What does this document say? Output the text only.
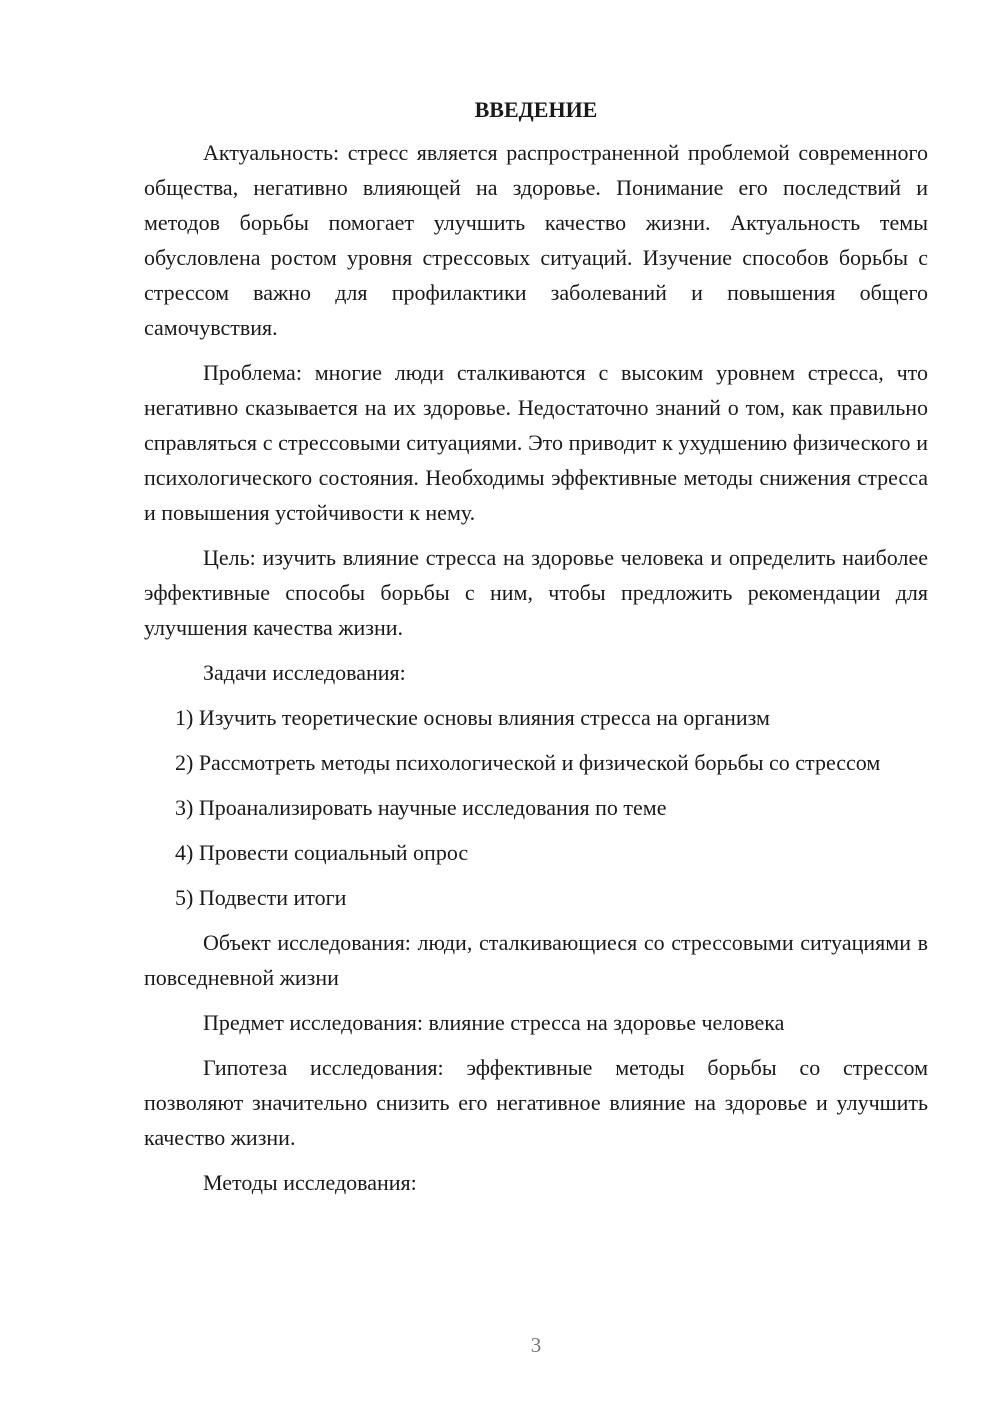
ВВЕДЕНИЕ

Актуальность: стресс является распространенной проблемой современного общества, негативно влияющей на здоровье. Понимание его последствий и методов борьбы помогает улучшить качество жизни. Актуальность темы обусловлена ростом уровня стрессовых ситуаций. Изучение способов борьбы с стрессом важно для профилактики заболеваний и повышения общего самочувствия.

Проблема: многие люди сталкиваются с высоким уровнем стресса, что негативно сказывается на их здоровье. Недостаточно знаний о том, как правильно справляться с стрессовыми ситуациями. Это приводит к ухудшению физического и психологического состояния. Необходимы эффективные методы снижения стресса и повышения устойчивости к нему.

Цель: изучить влияние стресса на здоровье человека и определить наиболее эффективные способы борьбы с ним, чтобы предложить рекомендации для улучшения качества жизни.

Задачи исследования:

1) Изучить теоретические основы влияния стресса на организм

2) Рассмотреть методы психологической и физической борьбы со стрессом

3) Проанализировать научные исследования по теме

4) Провести социальный опрос

5) Подвести итоги

Объект исследования: люди, сталкивающиеся со стрессовыми ситуациями в повседневной жизни

Предмет исследования: влияние стресса на здоровье человека

Гипотеза исследования: эффективные методы борьбы со стрессом позволяют значительно снизить его негативное влияние на здоровье и улучшить качество жизни.

Методы исследования:

3
